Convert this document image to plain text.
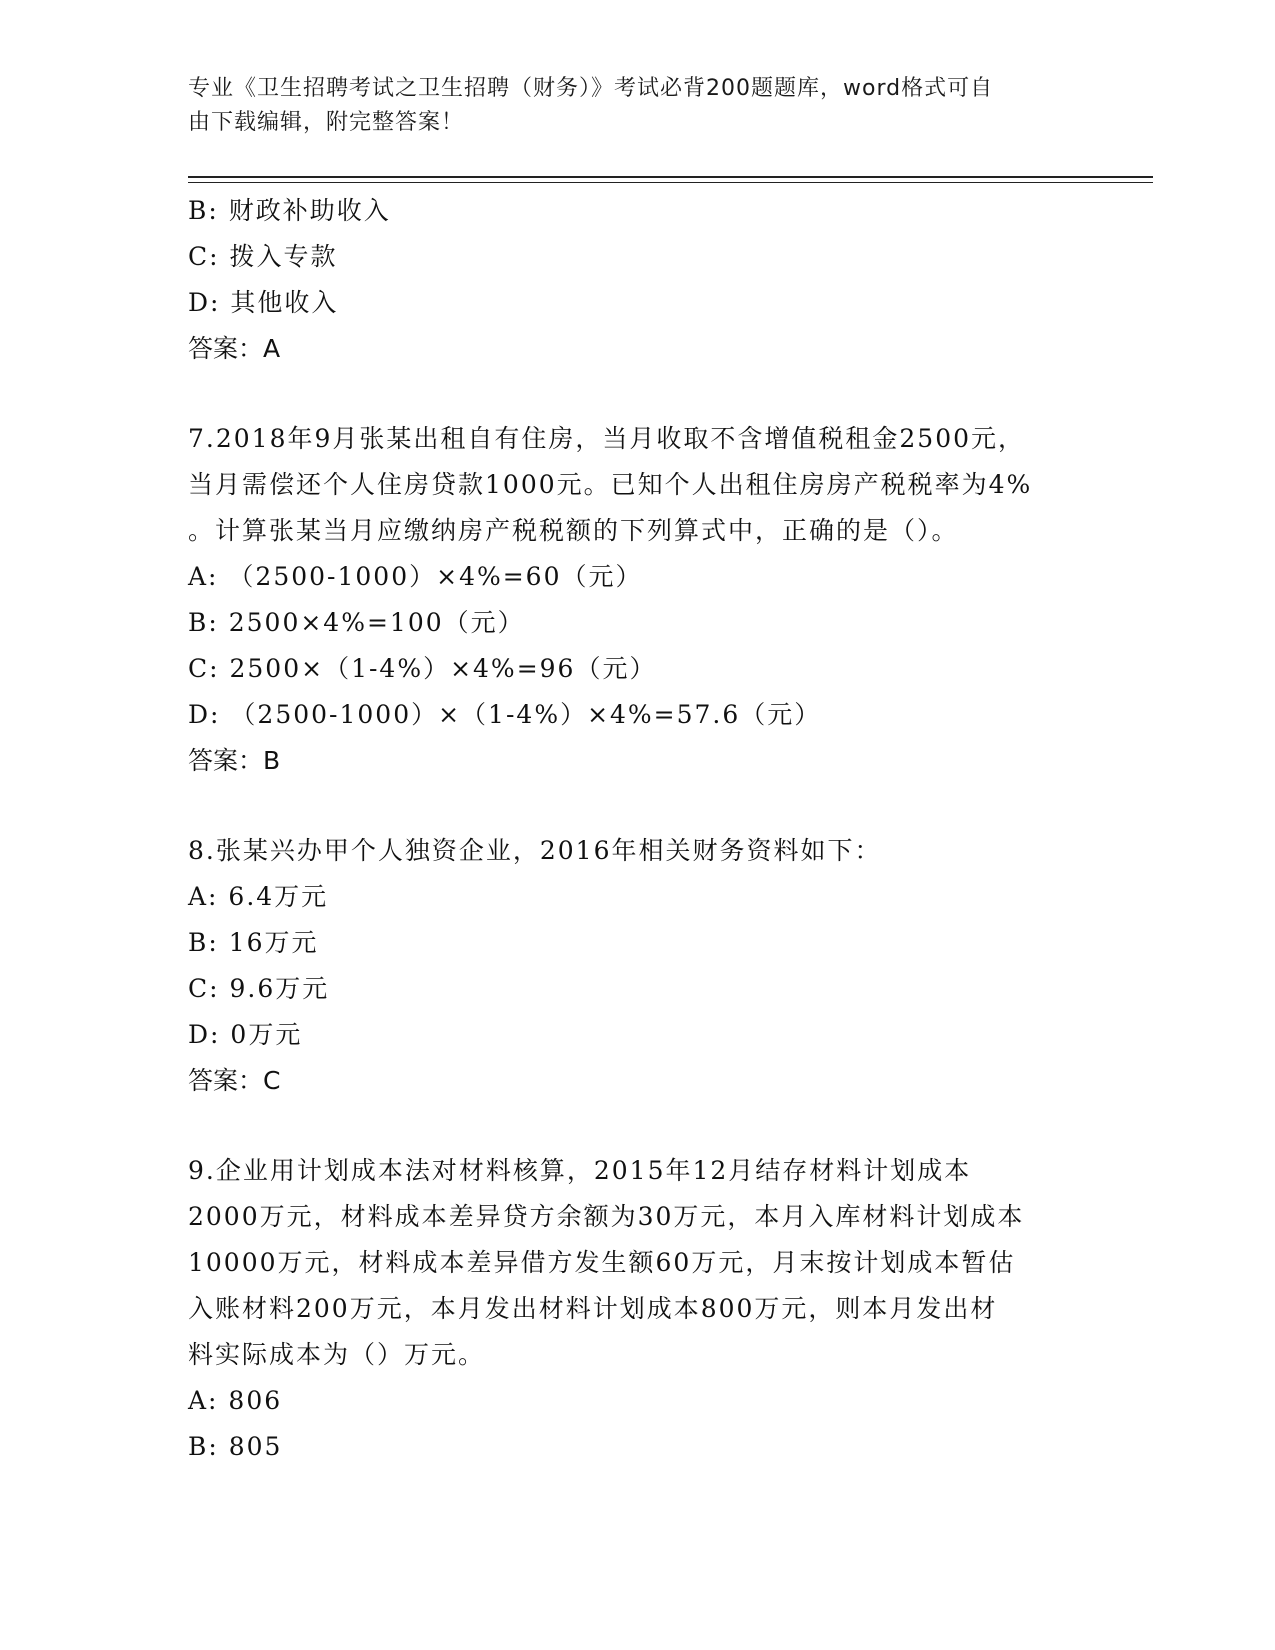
专业《卫生招聘考试之卫生招聘（财务）》考试必背200题题库，word格式可自
由下载编辑，附完整答案！
B: 财政补助收入
C: 拨入专款
D: 其他收入
答案：A
7.2018年9月张某出租自有住房，当月收取不含增值税租金2500元，
当月需偿还个人住房贷款1000元。已知个人出租住房房产税税率为4%
。计算张某当月应缴纳房产税税额的下列算式中，正确的是（）。
A: （2500-1000）×4%=60（元）
B: 2500×4%=100（元）
C: 2500×（1-4%）×4%=96（元）
D: （2500-1000）×（1-4%）×4%=57.6（元）
答案：B
8.张某兴办甲个人独资企业，2016年相关财务资料如下：
A: 6.4万元
B: 16万元
C: 9.6万元
D: 0万元
答案：C
9.企业用计划成本法对材料核算，2015年12月结存材料计划成本
2000万元，材料成本差异贷方余额为30万元，本月入库材料计划成本
10000万元，材料成本差异借方发生额60万元，月末按计划成本暂估
入账材料200万元，本月发出材料计划成本800万元，则本月发出材
料实际成本为（）万元。
A: 806
B: 805
